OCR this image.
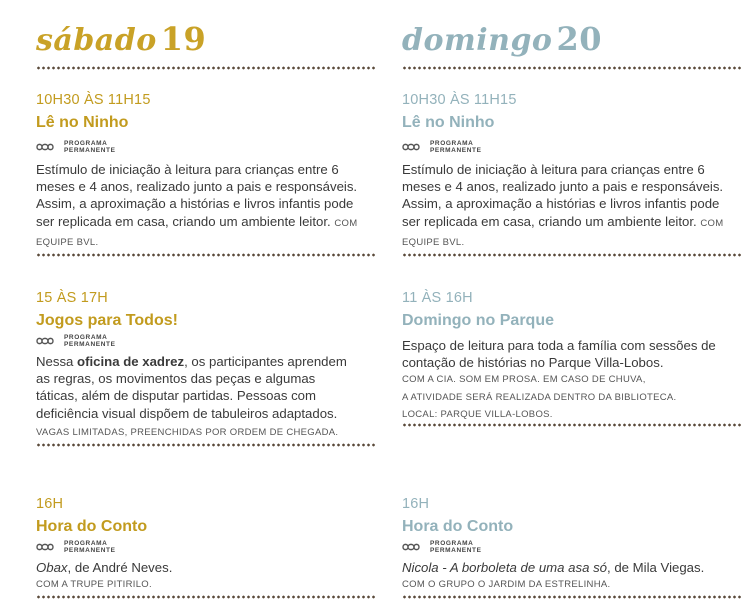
sábado 19
10H30 ÀS 11H15
Lê no Ninho
PROGRAMA
PERMANENTE
Estímulo de iniciação à leitura para crianças entre 6 meses e 4 anos, realizado junto a pais e responsáveis. Assim, a aproximação a histórias e livros infantis pode ser replicada em casa, criando um ambiente leitor. COM EQUIPE BVL.
15 ÀS 17H
Jogos para Todos!
PROGRAMA
PERMANENTE
Nessa oficina de xadrez, os participantes aprendem as regras, os movimentos das peças e algumas táticas, além de disputar partidas. Pessoas com deficiência visual dispõem de tabuleiros adaptados. VAGAS LIMITADAS, PREENCHIDAS POR ORDEM DE CHEGADA.
16H
Hora do Conto
PROGRAMA
PERMANENTE
Obax, de André Neves.
COM A TRUPE PITIRILO.
domingo 20
10H30 ÀS 11H15
Lê no Ninho
PROGRAMA
PERMANENTE
Estímulo de iniciação à leitura para crianças entre 6 meses e 4 anos, realizado junto a pais e responsáveis. Assim, a aproximação a histórias e livros infantis pode ser replicada em casa, criando um ambiente leitor. COM EQUIPE BVL.
11 ÀS 16H
Domingo no Parque
Espaço de leitura para toda a família com sessões de contação de histórias no Parque Villa-Lobos.
COM A CIA. SOM EM PROSA. EM CASO DE CHUVA,
A ATIVIDADE SERÁ REALIZADA DENTRO DA BIBLIOTECA.
LOCAL: PARQUE VILLA-LOBOS.
16H
Hora do Conto
PROGRAMA
PERMANENTE
Nicola - A borboleta de uma asa só, de Mila Viegas.
COM O GRUPO O JARDIM DA ESTRELINHA.
